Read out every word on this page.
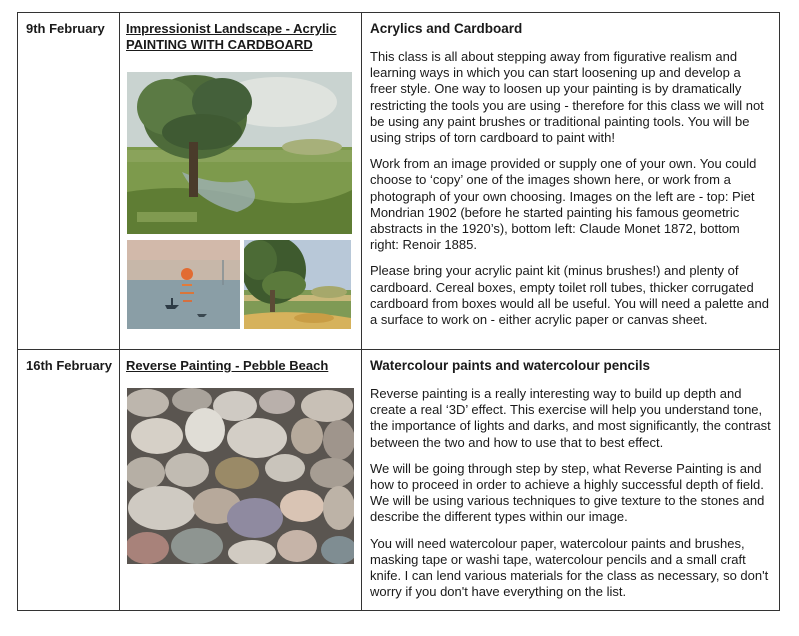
9th February	Impressionist Landscape - Acrylic PAINTING WITH CARDBOARD	Acrylics and Cardboard
This class is all about stepping away from figurative realism and learning ways in which you can start loosening up and develop a freer style. One way to loosen up your painting is by dramatically restricting the tools you are using - therefore for this class we will not be using any paint brushes or traditional painting tools. You will be using strips of torn cardboard to paint with!
Work from an image provided or supply one of your own. You could choose to ‘copy’ one of the images shown here, or work from a photograph of your own choosing. Images on the left are - top: Piet Mondrian 1902 (before he started painting his famous geometric abstracts in the 1920’s), bottom left: Claude Monet 1872, bottom right: Renoir 1885.
Please bring your acrylic paint kit (minus brushes!) and plenty of cardboard. Cereal boxes, empty toilet roll tubes, thicker corrugated cardboard from boxes would all be useful. You will need a palette and a surface to work on - either acrylic paper or canvas sheet.

16th February	Reverse Painting - Pebble Beach	Watercolour paints and watercolour pencils
Reverse painting is a really interesting way to build up depth and create a real ‘3D’ effect. This exercise will help you understand tone, the importance of lights and darks, and most significantly, the contrast between the two and how to use that to best effect.
We will be going through step by step, what Reverse Painting is and how to proceed in order to achieve a highly successful depth of field. We will be using various techniques to give texture to the stones and describe the different types within our image.
You will need watercolour paper, watercolour paints and brushes, masking tape or washi tape, watercolour pencils and a small craft knife. I can lend various materials for the class as necessary, so don't worry if you don't have everything on the list.
